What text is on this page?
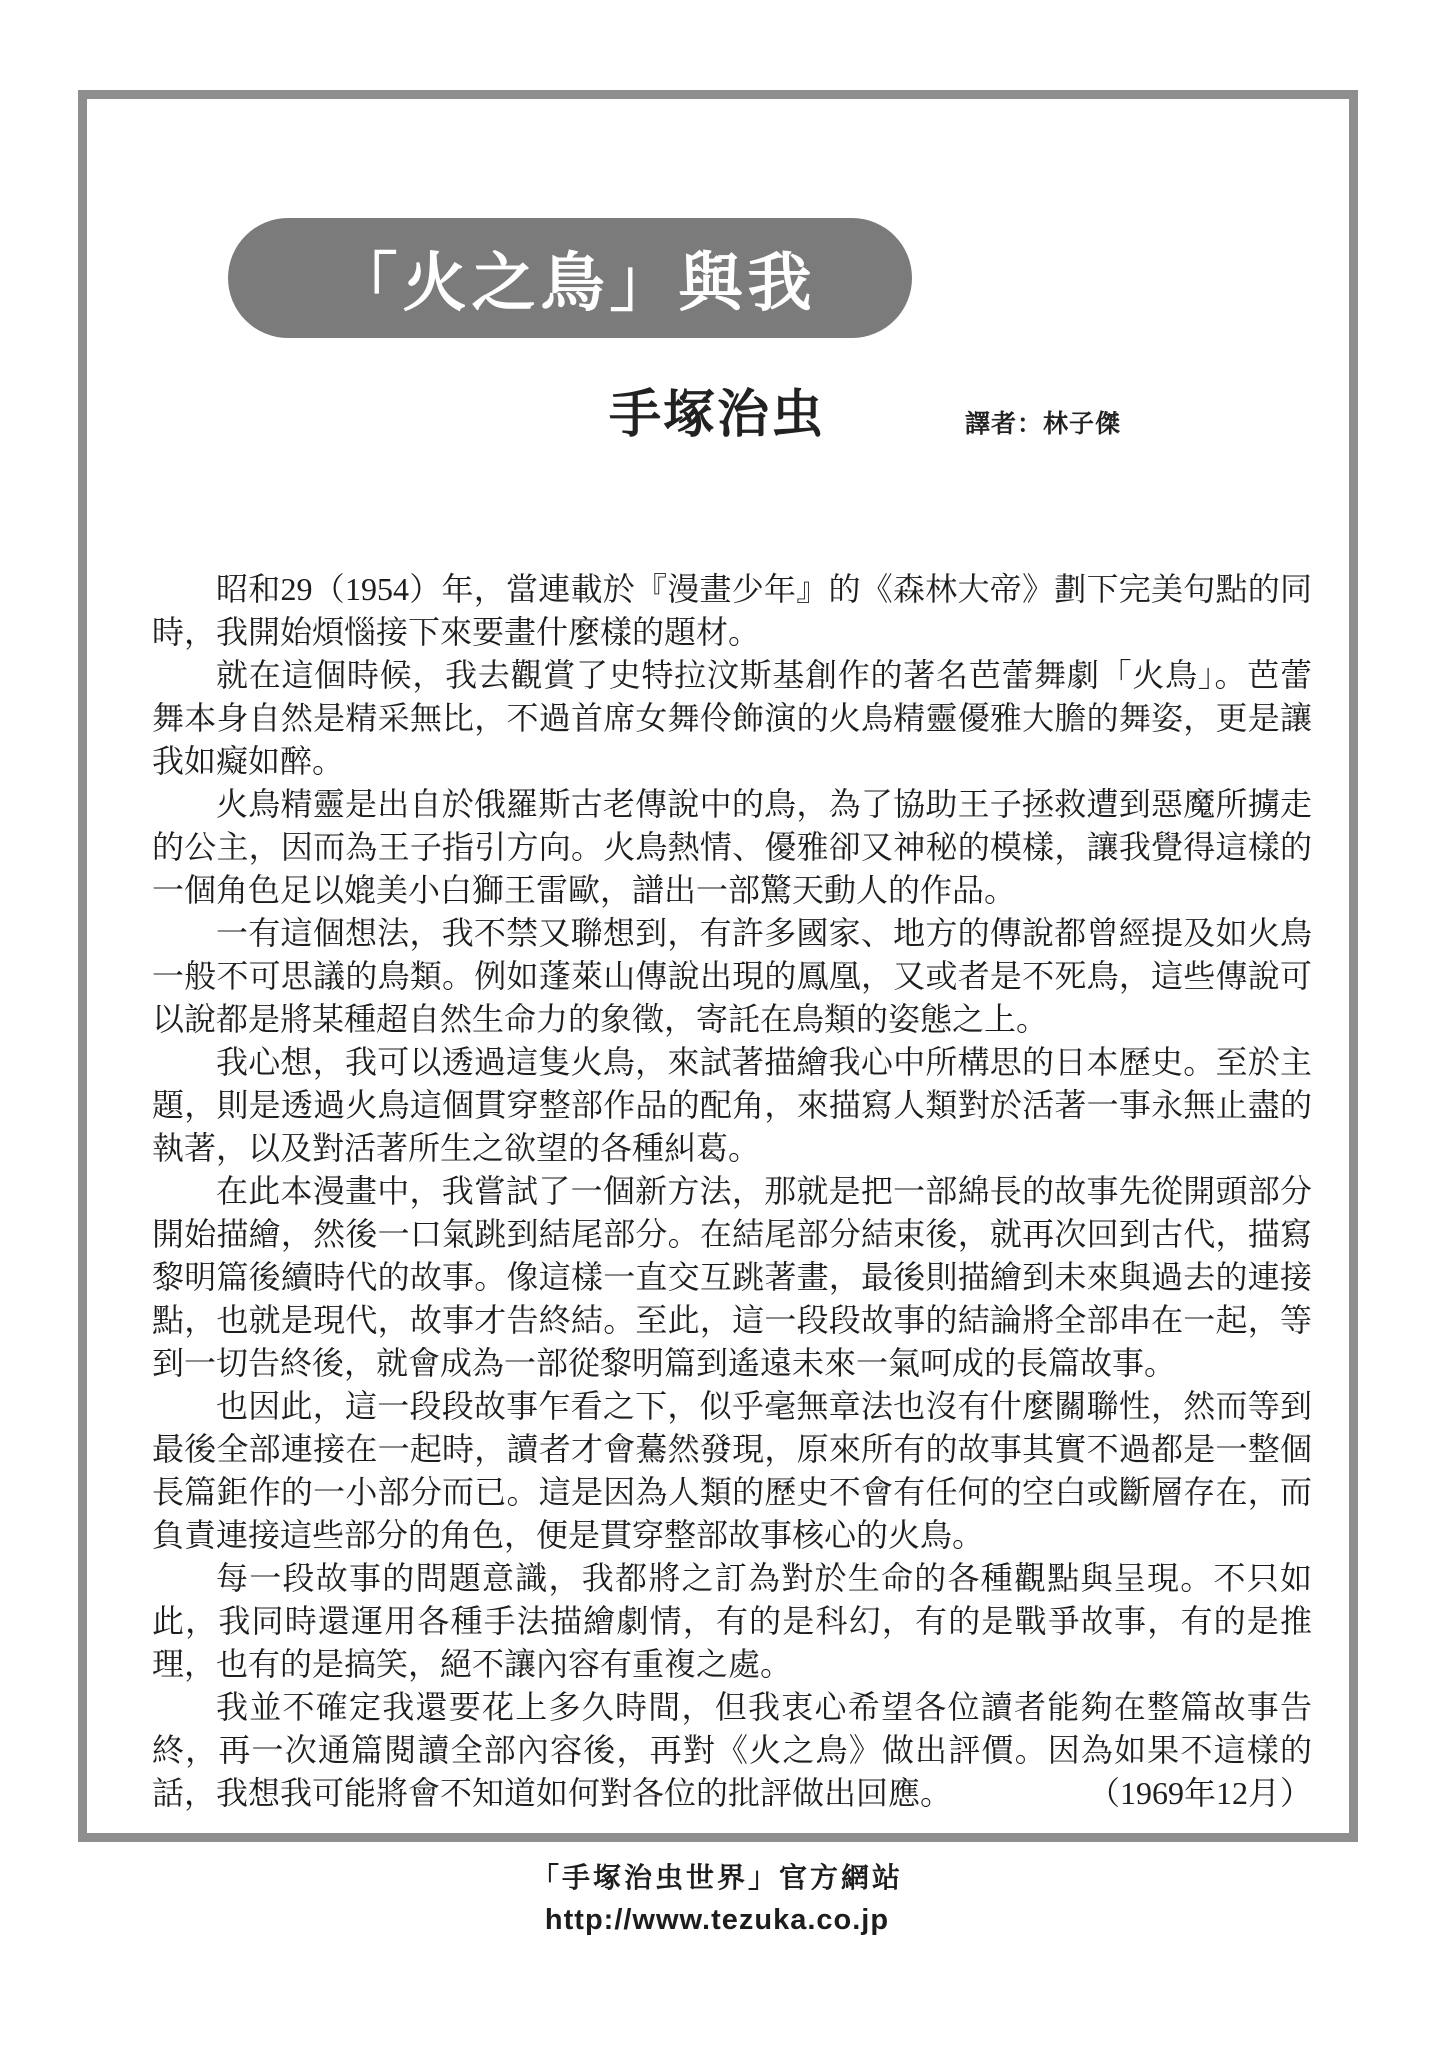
「火之鳥」與我
手塚治虫	譯者：林子傑

昭和29（1954）年，當連載於『漫畫少年』的《森林大帝》劃下完美句點的同時，我開始煩惱接下來要畫什麼樣的題材。

就在這個時候，我去觀賞了史特拉汶斯基創作的著名芭蕾舞劇「火鳥」。芭蕾舞本身自然是精采無比，不過首席女舞伶飾演的火鳥精靈優雅大膽的舞姿，更是讓我如癡如醉。

火鳥精靈是出自於俄羅斯古老傳說中的鳥，為了協助王子拯救遭到惡魔所擄走的公主，因而為王子指引方向。火鳥熱情、優雅卻又神秘的模樣，讓我覺得這樣的一個角色足以媲美小白獅王雷歐，譜出一部驚天動人的作品。

一有這個想法，我不禁又聯想到，有許多國家、地方的傳說都曾經提及如火鳥一般不可思議的鳥類。例如蓬萊山傳說出現的鳳凰，又或者是不死鳥，這些傳說可以說都是將某種超自然生命力的象徵，寄託在鳥類的姿態之上。

我心想，我可以透過這隻火鳥，來試著描繪我心中所構思的日本歷史。至於主題，則是透過火鳥這個貫穿整部作品的配角，來描寫人類對於活著一事永無止盡的執著，以及對活著所生之欲望的各種糾葛。

在此本漫畫中，我嘗試了一個新方法，那就是把一部綿長的故事先從開頭部分開始描繪，然後一口氣跳到結尾部分。在結尾部分結束後，就再次回到古代，描寫黎明篇後續時代的故事。像這樣一直交互跳著畫，最後則描繪到未來與過去的連接點，也就是現代，故事才告終結。至此，這一段段故事的結論將全部串在一起，等到一切告終後，就會成為一部從黎明篇到遙遠未來一氣呵成的長篇故事。

也因此，這一段段故事乍看之下，似乎毫無章法也沒有什麼關聯性，然而等到最後全部連接在一起時，讀者才會驀然發現，原來所有的故事其實不過都是一整個長篇鉅作的一小部分而已。這是因為人類的歷史不會有任何的空白或斷層存在，而負責連接這些部分的角色，便是貫穿整部故事核心的火鳥。

每一段故事的問題意識，我都將之訂為對於生命的各種觀點與呈現。不只如此，我同時還運用各種手法描繪劇情，有的是科幻，有的是戰爭故事，有的是推理，也有的是搞笑，絕不讓內容有重複之處。

我並不確定我還要花上多久時間，但我衷心希望各位讀者能夠在整篇故事告終，再一次通篇閱讀全部內容後，再對《火之鳥》做出評價。因為如果不這樣的話，我想我可能將會不知道如何對各位的批評做出回應。	（1969年12月）

「手塚治虫世界」官方網站
http://www.tezuka.co.jp
